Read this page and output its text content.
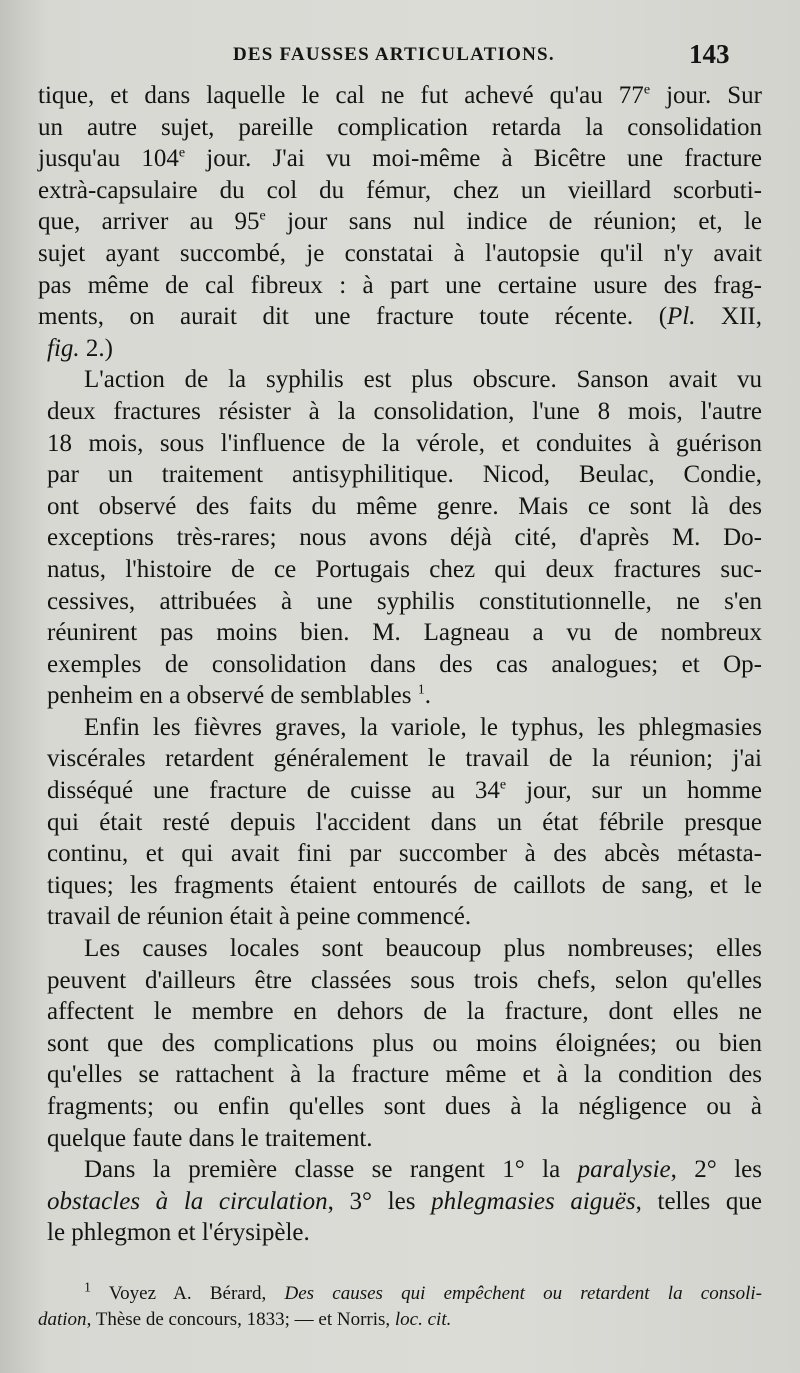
DES FAUSSES ARTICULATIONS.	143
tique, et dans laquelle le cal ne fut achevé qu'au 77e jour. Sur
un autre sujet, pareille complication retarda la consolidation
jusqu'au 104e jour. J'ai vu moi-même à Bicêtre une fracture
extrà-capsulaire du col du fémur, chez un vieillard scorbuti-
que, arriver au 95e jour sans nul indice de réunion; et, le
sujet ayant succombé, je constatai à l'autopsie qu'il n'y avait
pas même de cal fibreux : à part une certaine usure des frag-
ments, on aurait dit une fracture toute récente. (Pl. XII,
fig. 2.)
L'action de la syphilis est plus obscure. Sanson avait vu
deux fractures résister à la consolidation, l'une 8 mois, l'autre
18 mois, sous l'influence de la vérole, et conduites à guérison
par un traitement antisyphilitique. Nicod, Beulac, Condie,
ont observé des faits du même genre. Mais ce sont là des
exceptions très-rares; nous avons déjà cité, d'après M. Do-
natus, l'histoire de ce Portugais chez qui deux fractures suc-
cessives, attribuées à une syphilis constitutionnelle, ne s'en
réunirent pas moins bien. M. Lagneau a vu de nombreux
exemples de consolidation dans des cas analogues; et Op-
penheim en a observé de semblables $^1$.
Enfin les fièvres graves, la variole, le typhus, les phlegmasies
viscérales retardent généralement le travail de la réunion; j'ai
disséqué une fracture de cuisse au 34e jour, sur un homme
qui était resté depuis l'accident dans un état fébrile presque
continu, et qui avait fini par succomber à des abcès métasta-
tiques; les fragments étaient entourés de caillots de sang, et le
travail de réunion était à peine commencé.
Les causes locales sont beaucoup plus nombreuses; elles
peuvent d'ailleurs être classées sous trois chefs, selon qu'elles
affectent le membre en dehors de la fracture, dont elles ne
sont que des complications plus ou moins éloignées; ou bien
qu'elles se rattachent à la fracture même et à la condition des
fragments; ou enfin qu'elles sont dues à la négligence ou à
quelque faute dans le traitement.
Dans la première classe se rangent 1° la paralysie, 2° les
obstacles à la circulation, 3° les phlegmasies aiguës, telles que
le phlegmon et l'érysipèle.
$^1$ Voyez A. Bérard, Des causes qui empêchent ou retardent la consoli-
dation, Thèse de concours, 1833; — et Norris, loc. cit.
